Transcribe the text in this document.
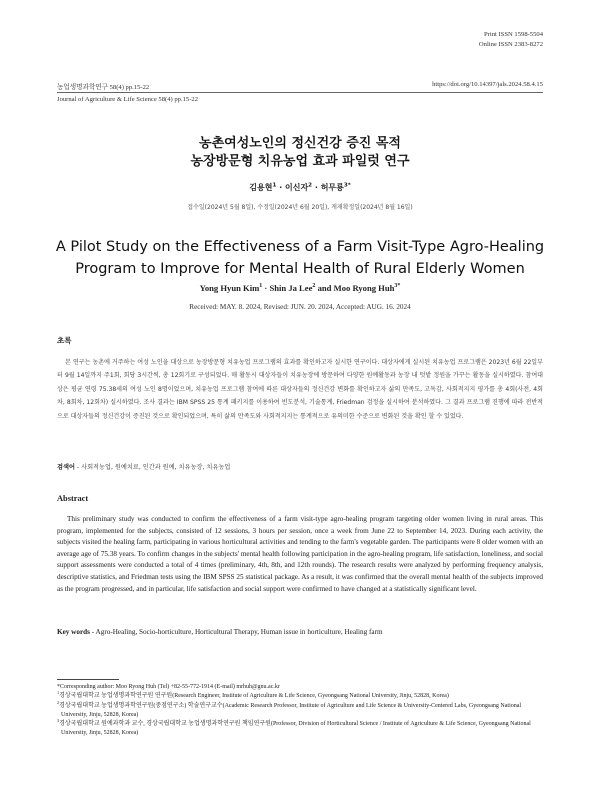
Print ISSN 1598-5504
Online ISSN 2383-8272
농업생명과학연구 58(4) pp.15-22	https://doi.org/10.14397/jals.2024.58.4.15
Journal of Agriculture & Life Science 58(4) pp.15-22
농촌여성노인의 정신건강 증진 목적
농장방문형 치유농업 효과 파일럿 연구
김용현$^1$ · 이신자$^2$ · 허무룡$^{3*}$
접수일(2024년 5월 8일), 수정일(2024년 6월 20일), 게재확정일(2024년 8월 16일)
A Pilot Study on the Effectiveness of a Farm Visit-Type Agro-Healing
Program to Improve for Mental Health of Rural Elderly Women
Yong Hyun Kim$^1$ · Shin Ja Lee$^2$ and Moo Ryong Huh$^{3*}$
Received: MAY. 8. 2024, Revised: JUN. 20. 2024, Accepted: AUG. 16. 2024
초록
본 연구는 농촌에 거주하는 여성 노인을 대상으로 농장방문형 치유농업 프로그램의 효과를 확인하고자 실시한 연구이다. 대상자에게 실시된 치유농업 프로그램은 2023년 6월 22일부터 9월 14일까지 주1회, 회당 3시간씩, 총 12회기로 구성되었다. 매 활동시 대상자들이 치유농장에 방문하여 다양한 원예활동과 농장 내 텃밭 정원을 가꾸는 활동을 실시하였다. 참여대상은 평균 연령 75.38세의 여성 노인 8명이었으며, 치유농업 프로그램 참여에 따른 대상자들의 정신건강 변화를 확인하고자 삶의 만족도, 고독감, 사회적지지 평가를 총 4회(사전, 4회차, 8회차, 12회차) 실시하였다. 조사 결과는 IBM SPSS 25 통계 패키지를 이용하여 빈도분석, 기술통계, Friedman 검정을 실시하여 분석하였다. 그 결과 프로그램 진행에 따라 전반적으로 대상자들의 정신건강이 증진된 것으로 확인되었으며, 특히 삶의 만족도와 사회적지지는 통계적으로 유의미한 수준으로 변화된 것을 확인 할 수 있었다.
검색어 - 사회적농업, 원예치료, 인간과 원예, 치유농장, 치유농업
Abstract
This preliminary study was conducted to confirm the effectiveness of a farm visit-type agro-healing program targeting older women living in rural areas. This program, implemented for the subjects, consisted of 12 sessions, 3 hours per session, once a week from June 22 to September 14, 2023. During each activity, the subjects visited the healing farm, participating in various horticultural activities and tending to the farm's vegetable garden. The participants were 8 older women with an average age of 75.38 years. To confirm changes in the subjects' mental health following participation in the agro-healing program, life satisfaction, loneliness, and social support assessments were conducted a total of 4 times (preliminary, 4th, 8th, and 12th rounds). The research results were analyzed by performing frequency analysis, descriptive statistics, and Friedman tests using the IBM SPSS 25 statistical package. As a result, it was confirmed that the overall mental health of the subjects improved as the program progressed, and in particular, life satisfaction and social support were confirmed to have changed at a statistically significant level.
Key words - Agro-Healing, Socio-horticulture, Horticultural Therapy, Human issue in horticulture, Healing farm
*Corresponding author: Moo Ryong Huh (Tel) +82-55-772-1914 (E-mail) mrhuh@gnu.ac.kr
$^1$경상국립대학교 농업생명과학연구원 연구원(Research Engineer, Institute of Agriculture & Life Science, Gyeongsang National University, Jinju, 52828, Korea)
$^2$경상국립대학교 농업생명과학연구원(중점연구소) 학술연구교수(Academic Research Professor, Institute of Agriculture and Life Science & University-Centered Labs, Gyeongsang National University, Jinju, 52828, Korea)
$^3$경상국립대학교 원예과학과 교수, 경상국립대학교 농업생명과학연구원 책임연구원(Professor, Division of Horticultural Science / Institute of Agriculture & Life Science, Gyeongsang National University, Jinju, 52828, Korea)
